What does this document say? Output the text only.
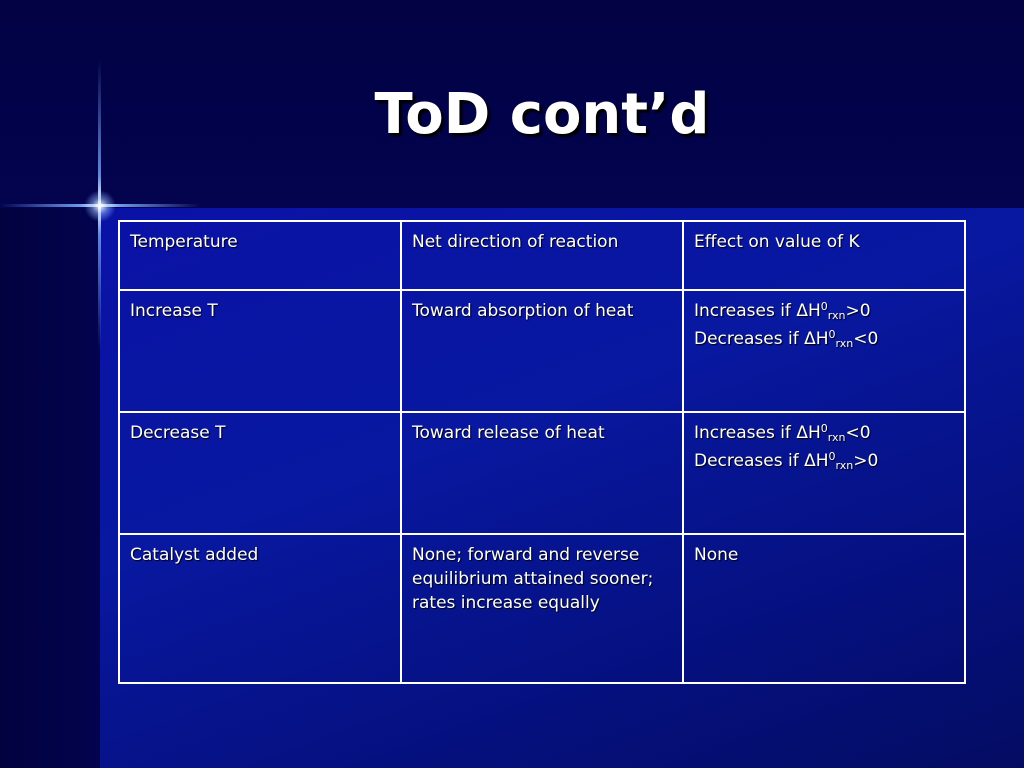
ToD cont’d
Temperature	Net direction of reaction	Effect on value of K
Increase T	Toward absorption of heat	Increases if $\Delta H^0_{rxn}>0$
Decreases if $\Delta H^0_{rxn}<0$

Decrease T	Toward release of heat	Increases if $\Delta H^0_{rxn}<0$
Decreases if $\Delta H^0_{rxn}>0$

Catalyst added	None; forward and reverse equilibrium attained sooner; rates increase equally	None
